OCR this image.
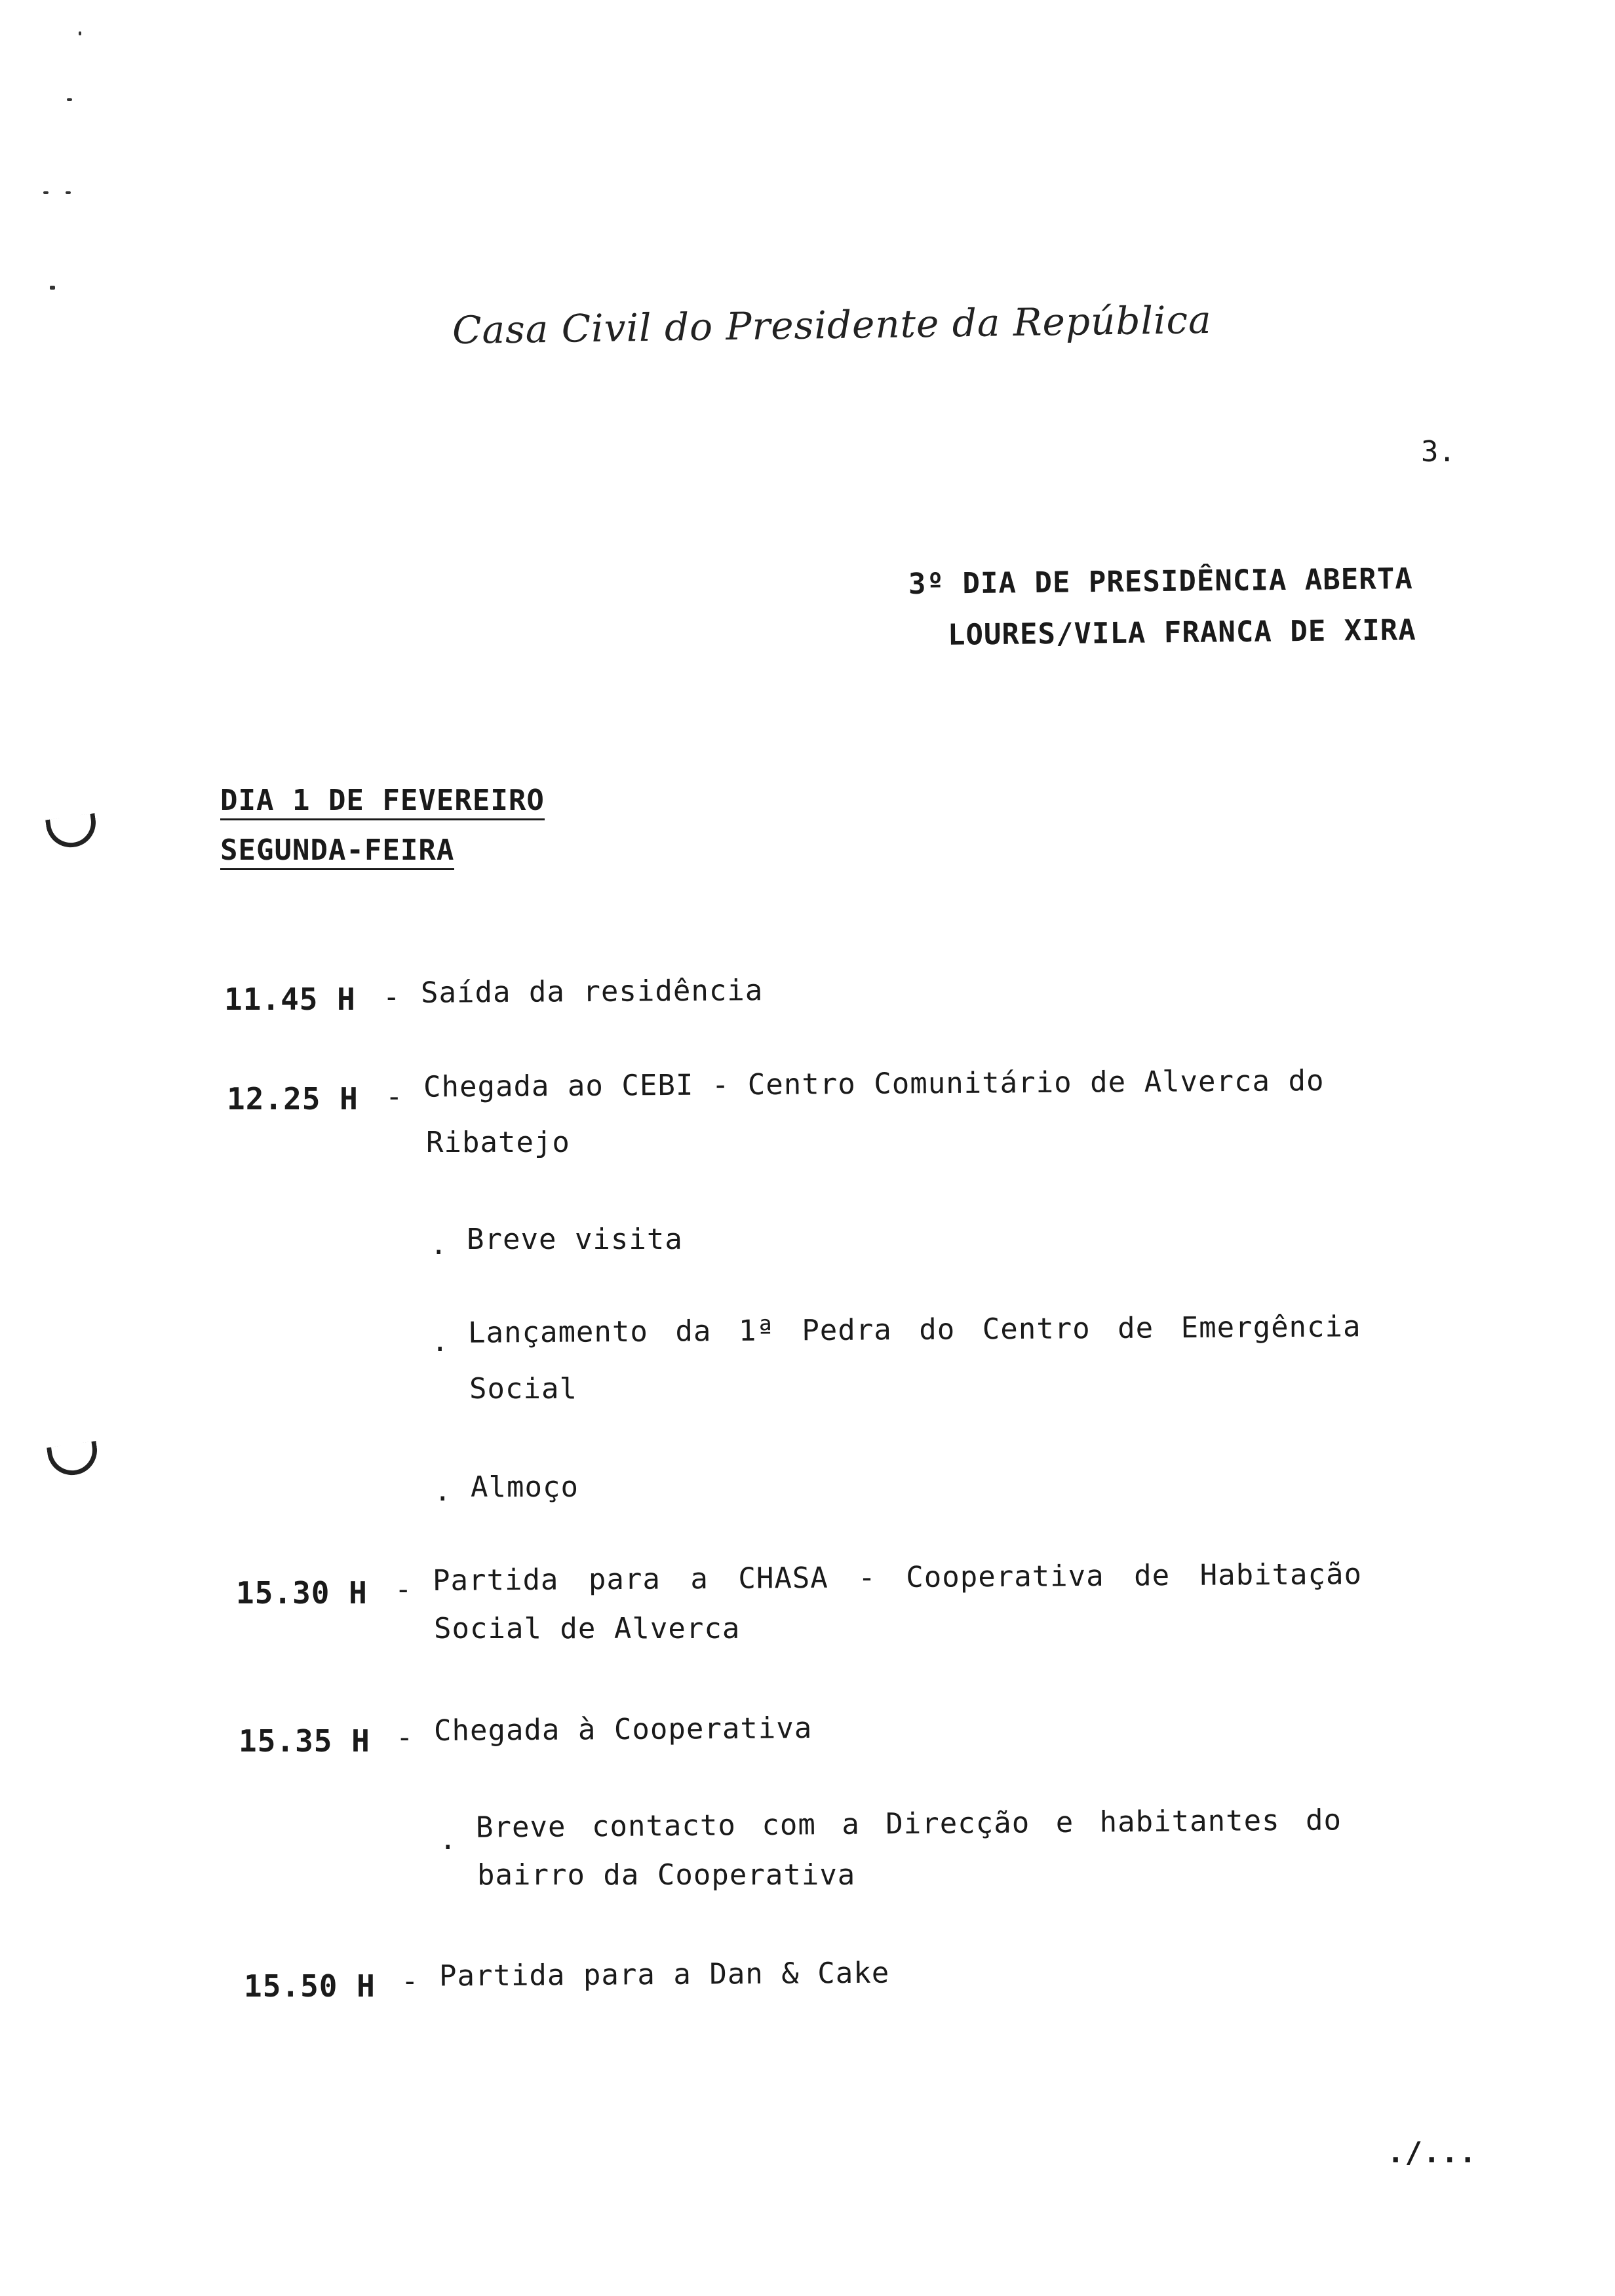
Casa Civil do Presidente da República
3.
3º DIA DE PRESIDÊNCIA ABERTA
LOURES/VILA FRANCA DE XIRA
DIA 1 DE FEVEREIRO
SEGUNDA-FEIRA
11.45 H - Saída da residência
12.25 H - Chegada ao CEBI - Centro Comunitário de Alverca do
Ribatejo
. Breve visita
. Lançamento da 1ª Pedra do Centro de Emergência
Social
. Almoço
15.30 H - Partida para a CHASA - Cooperativa de Habitação
Social de Alverca
15.35 H - Chegada à Cooperativa
. Breve contacto com a Direcção e habitantes do
bairro da Cooperativa
15.50 H - Partida para a Dan & Cake
./...
